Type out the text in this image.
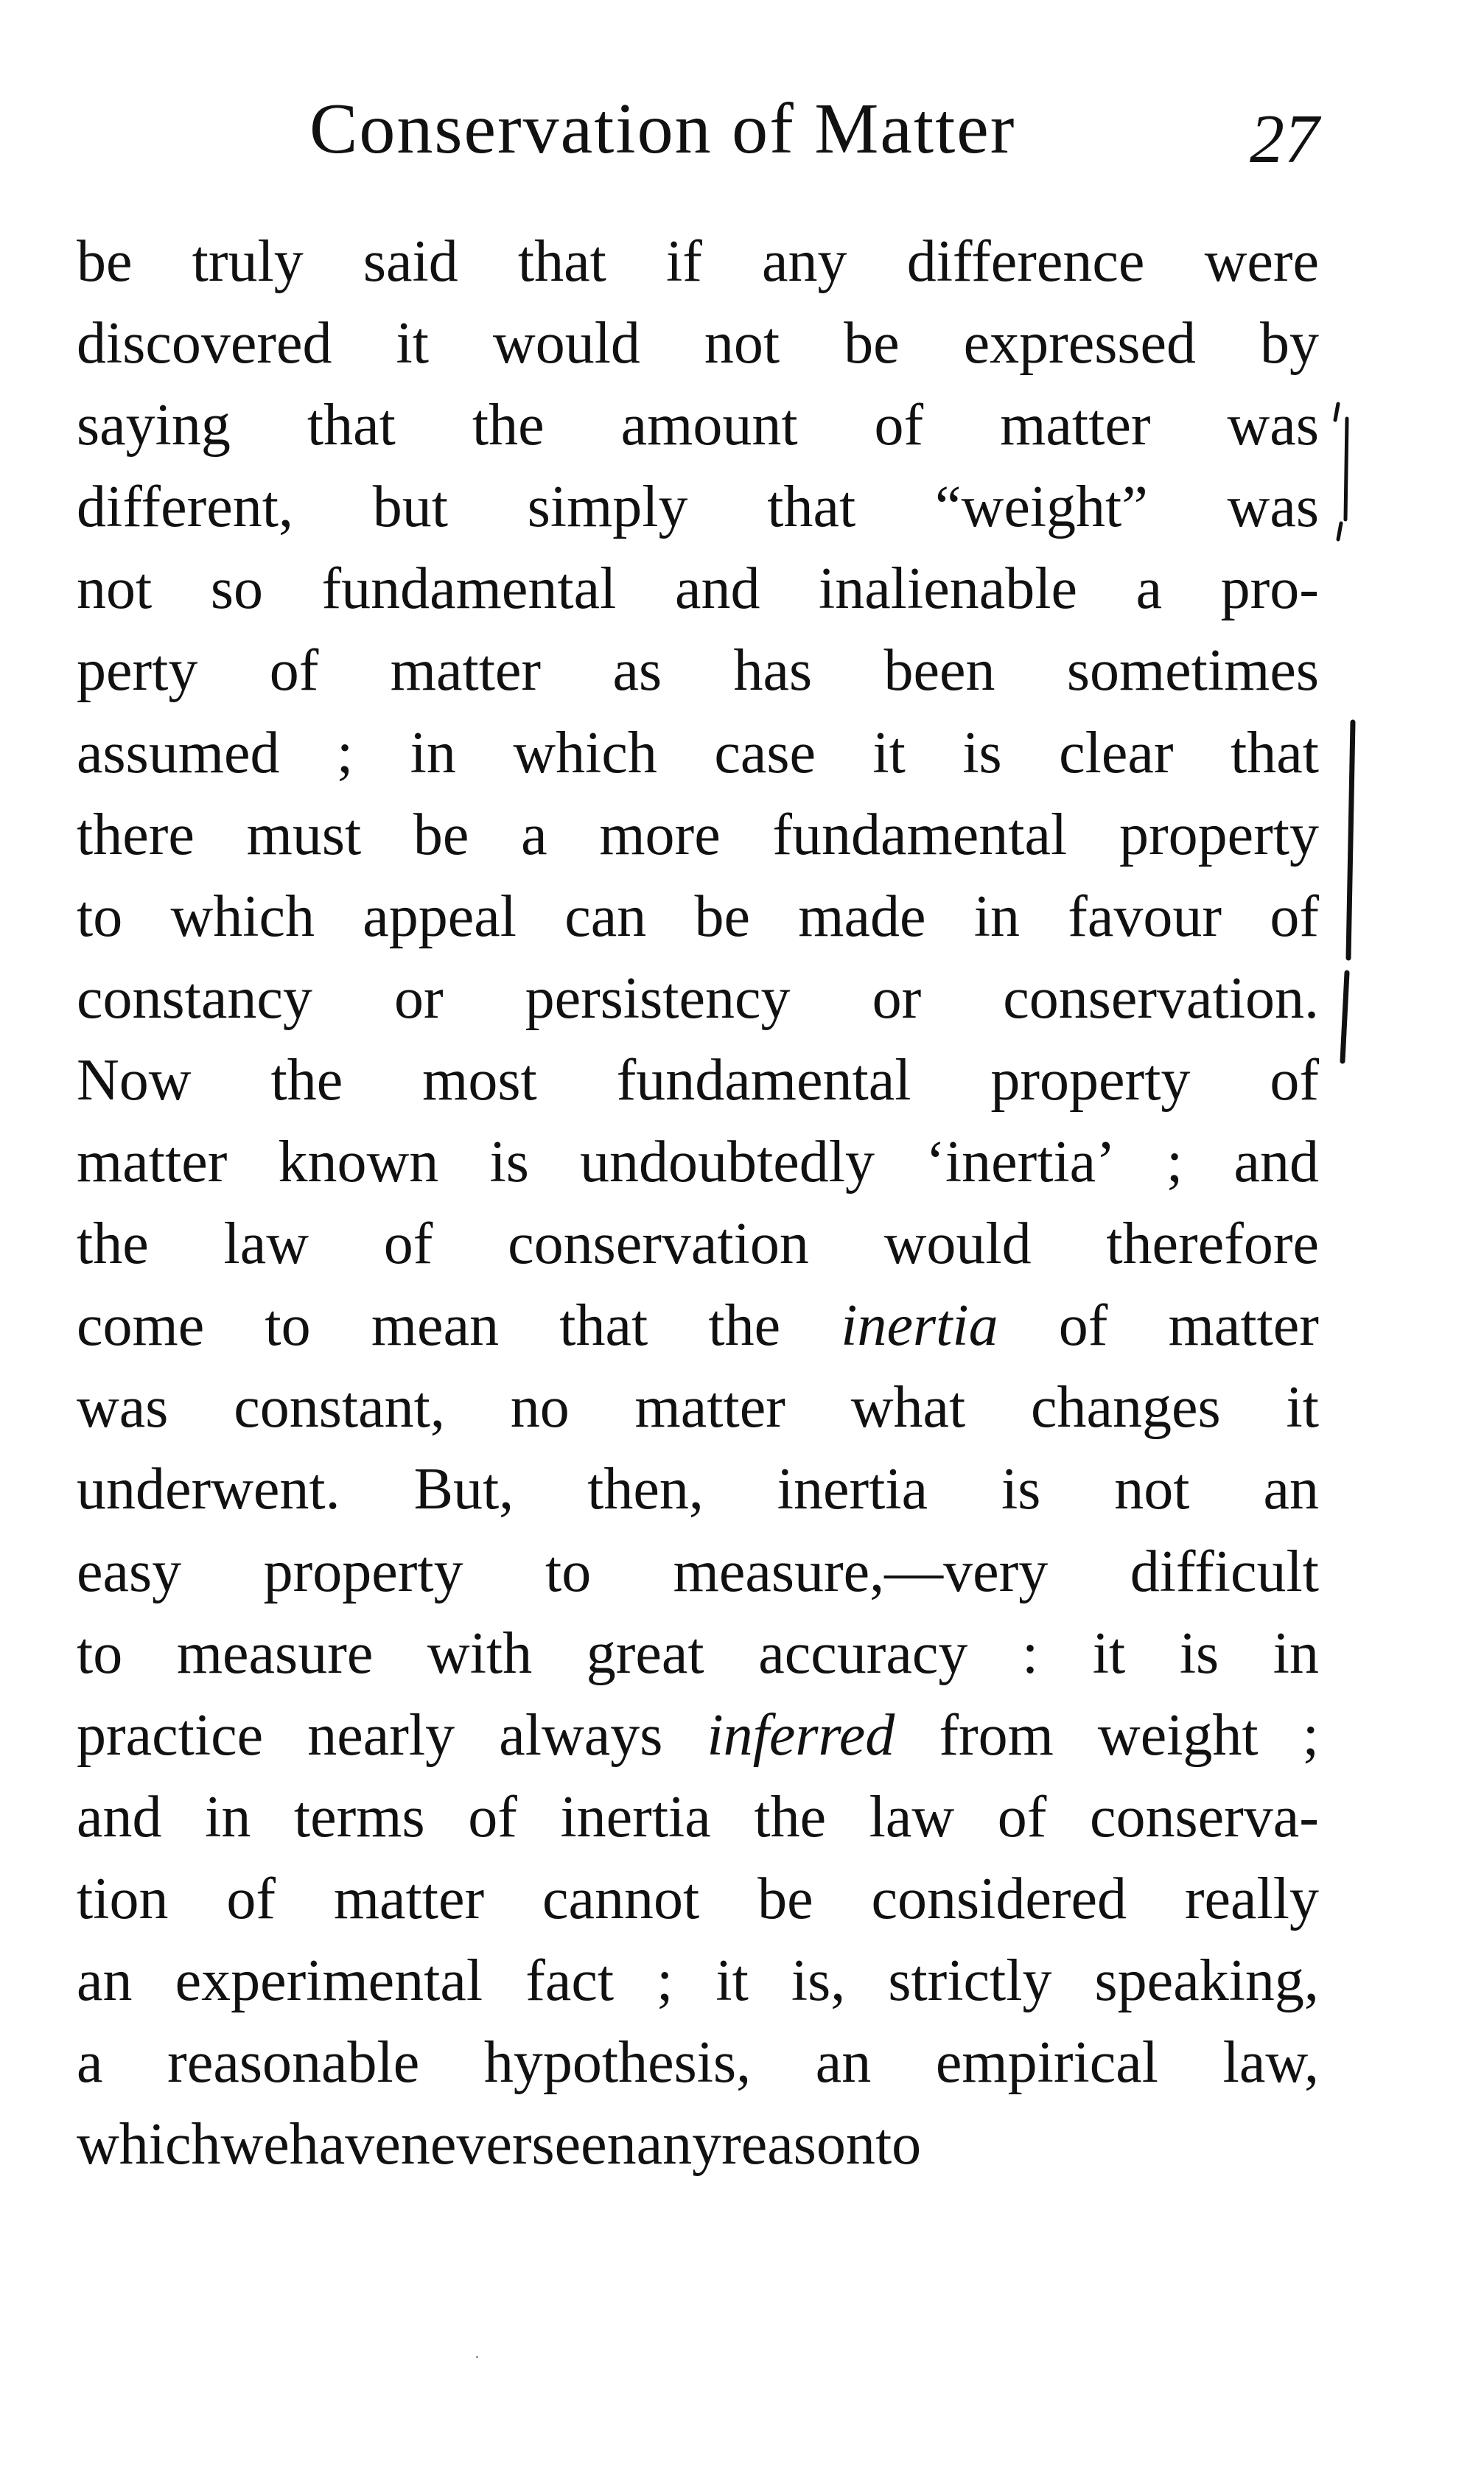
Conservation of Matter	27
be truly said that if any difference were
discovered it would not be expressed by
saying that the amount of matter was
different, but simply that “weight” was
not so fundamental and inalienable a pro-
perty of matter as has been sometimes
assumed ; in which case it is clear that
there must be a more fundamental property
to which appeal can be made in favour of
constancy or persistency or conservation.
Now the most fundamental property of
matter known is undoubtedly ‘inertia’ ; and
the law of conservation would therefore
come to mean that the inertia of matter
was constant, no matter what changes it
underwent. But, then, inertia is not an
easy property to measure,—very difficult
to measure with great accuracy : it is in
practice nearly always inferred from weight ;
and in terms of inertia the law of conserva-
tion of matter cannot be considered really
an experimental fact ; it is, strictly speaking,
a reasonable hypothesis, an empirical law,
which we have never seen any reason to
